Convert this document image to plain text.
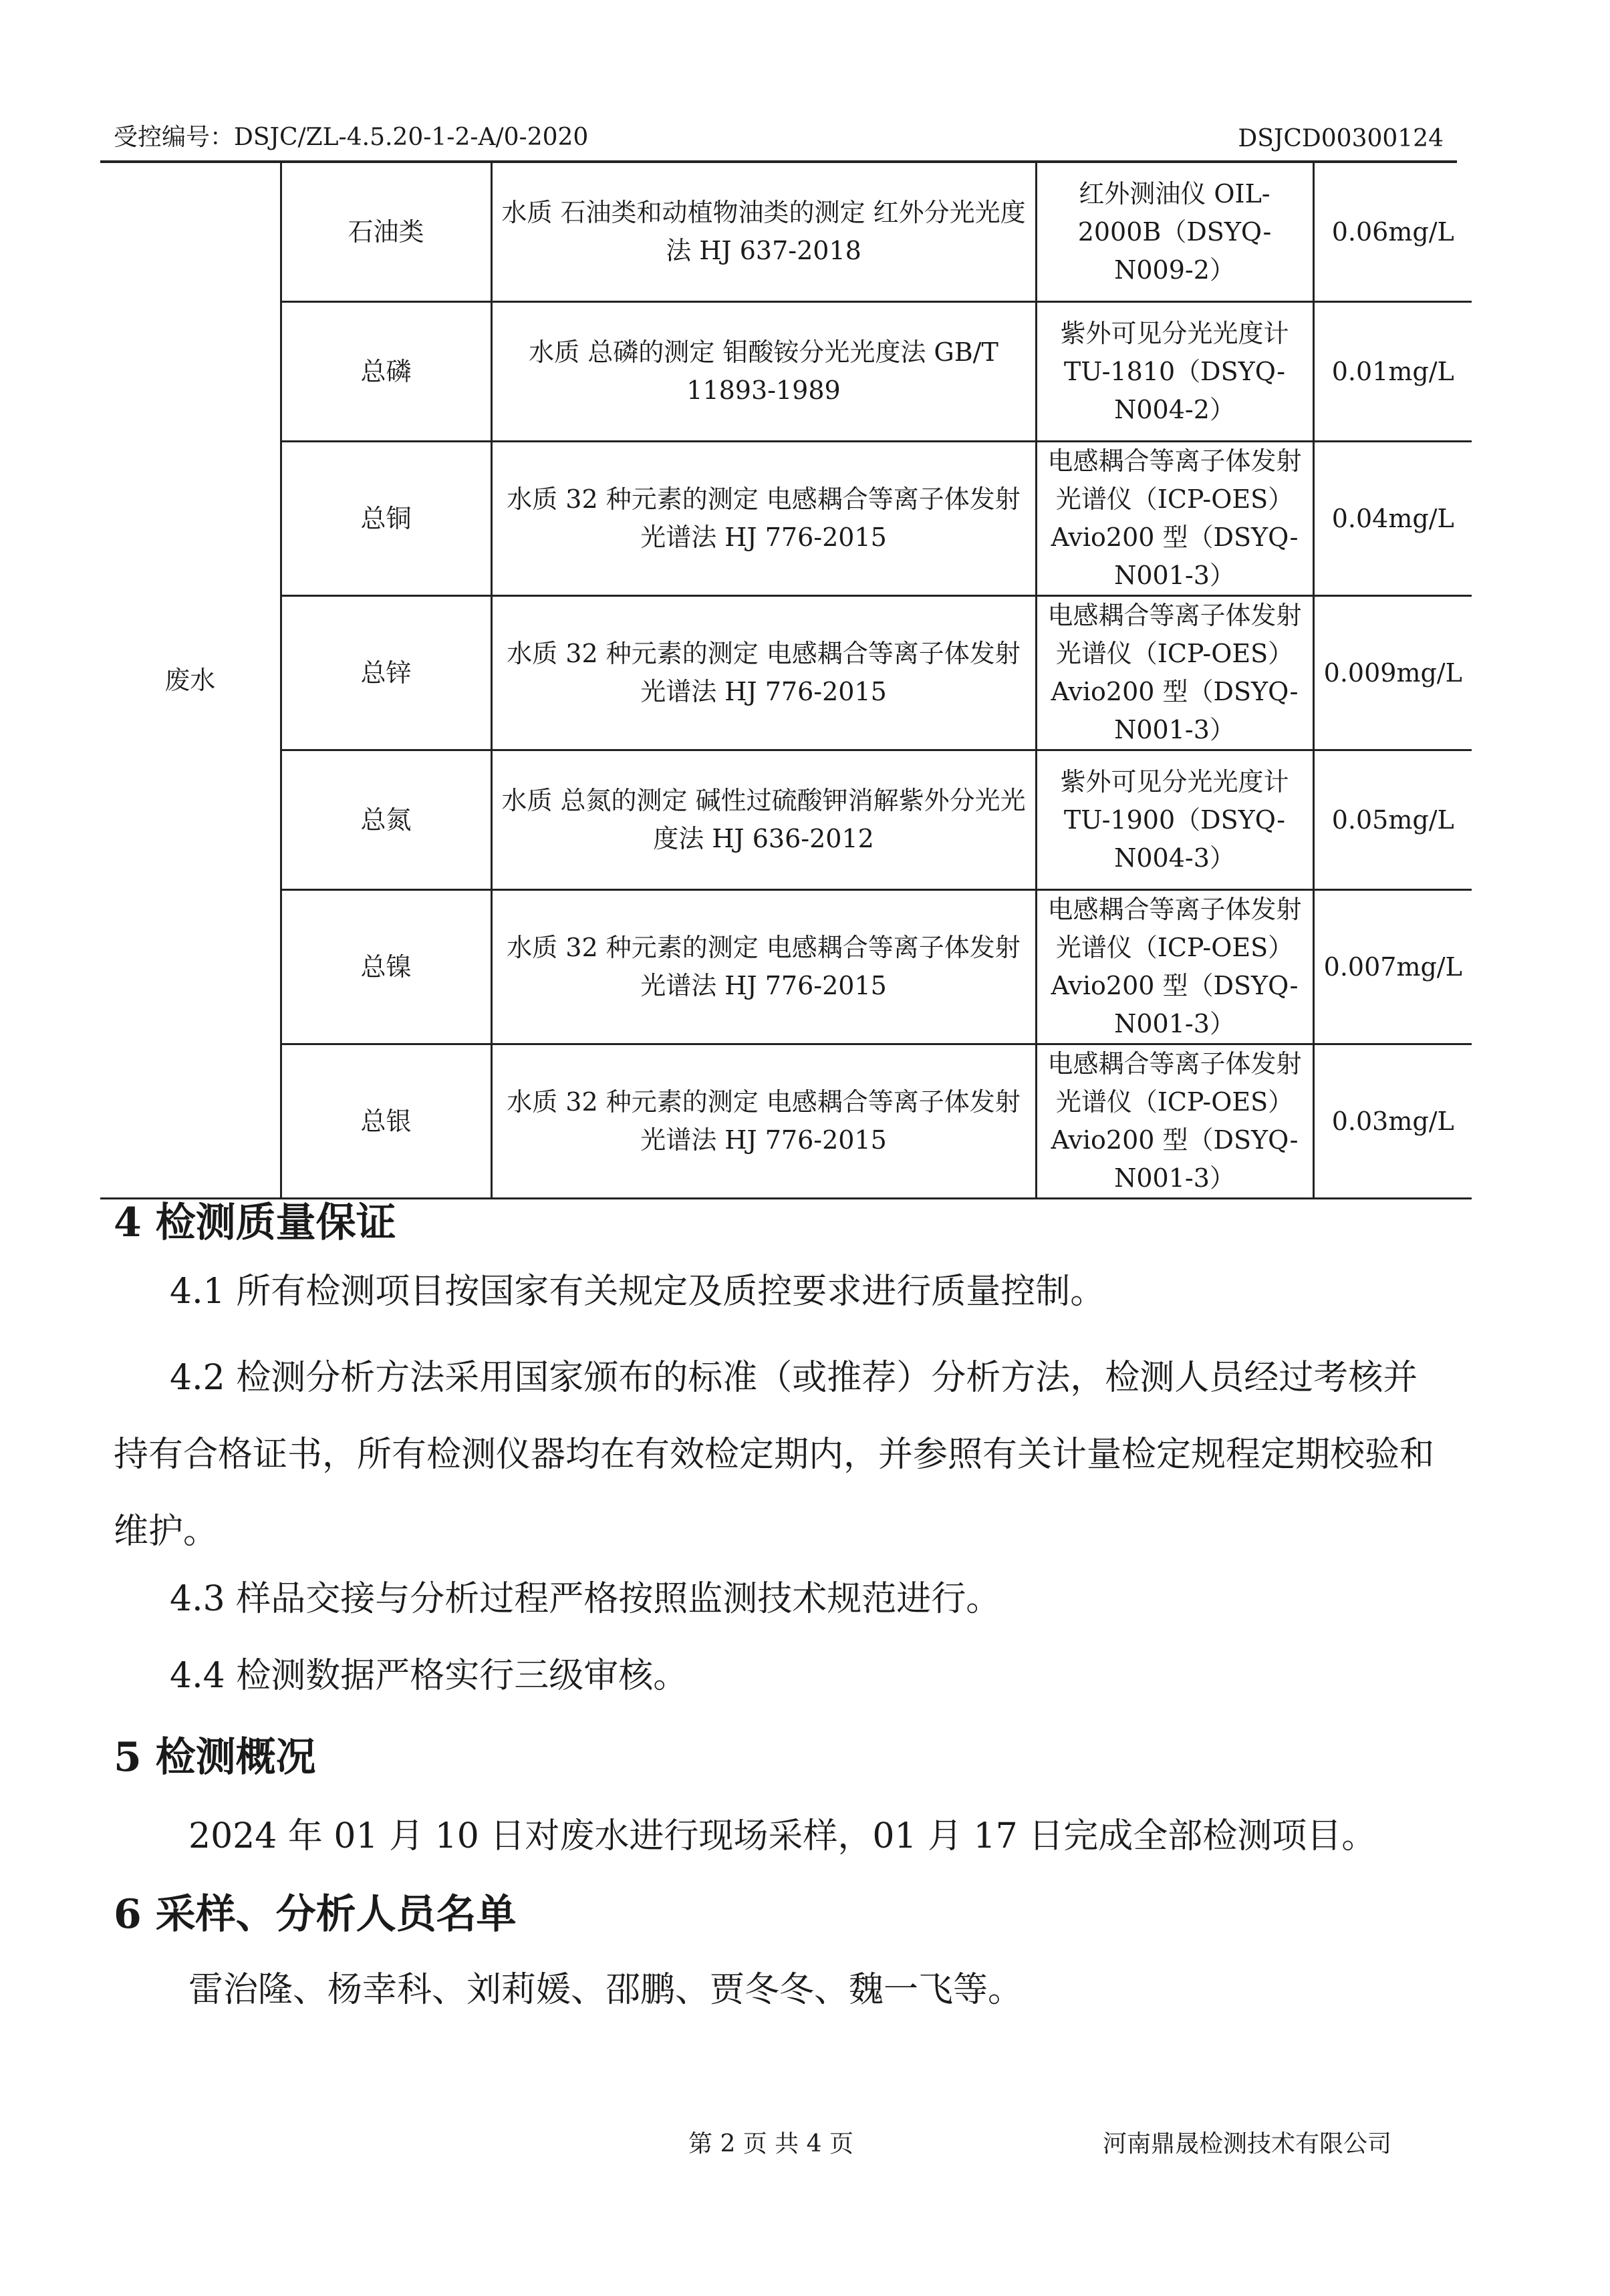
受控编号：DSJC/ZL-4.5.20-1-2-A/0-2020	DSJCD00300124
废水	石油类	水质 石油类和动植物油类的测定 红外分光光度法 HJ 637-2018	红外测油仪 OIL-2000B（DSYQ-N009-2）	0.06mg/L
	总磷	水质 总磷的测定 钼酸铵分光光度法 GB/T 11893-1989	紫外可见分光光度计 TU-1810（DSYQ-N004-2）	0.01mg/L
	总铜	水质 32 种元素的测定 电感耦合等离子体发射光谱法 HJ 776-2015	电感耦合等离子体发射光谱仪（ICP-OES） Avio200 型（DSYQ-N001-3）	0.04mg/L
	总锌	水质 32 种元素的测定 电感耦合等离子体发射光谱法 HJ 776-2015	电感耦合等离子体发射光谱仪（ICP-OES） Avio200 型（DSYQ-N001-3）	0.009mg/L
	总氮	水质 总氮的测定 碱性过硫酸钾消解紫外分光光度法 HJ 636-2012	紫外可见分光光度计 TU-1900（DSYQ-N004-3）	0.05mg/L
	总镍	水质 32 种元素的测定 电感耦合等离子体发射光谱法 HJ 776-2015	电感耦合等离子体发射光谱仪（ICP-OES） Avio200 型（DSYQ-N001-3）	0.007mg/L
	总银	水质 32 种元素的测定 电感耦合等离子体发射光谱法 HJ 776-2015	电感耦合等离子体发射光谱仪（ICP-OES） Avio200 型（DSYQ-N001-3）	0.03mg/L
4 检测质量保证

4.1 所有检测项目按国家有关规定及质控要求进行质量控制。

4.2 检测分析方法采用国家颁布的标准（或推荐）分析方法，检测人员经过考核并持有合格证书，所有检测仪器均在有效检定期内，并参照有关计量检定规程定期校验和维护。

4.3 样品交接与分析过程严格按照监测技术规范进行。

4.4 检测数据严格实行三级审核。

5 检测概况

2024 年 01 月 10 日对废水进行现场采样，01 月 17 日完成全部检测项目。

6 采样、分析人员名单

雷治隆、杨幸科、刘莉媛、邵鹏、贾冬冬、魏一飞等。

第 2 页 共 4 页	河南鼎晟检测技术有限公司
